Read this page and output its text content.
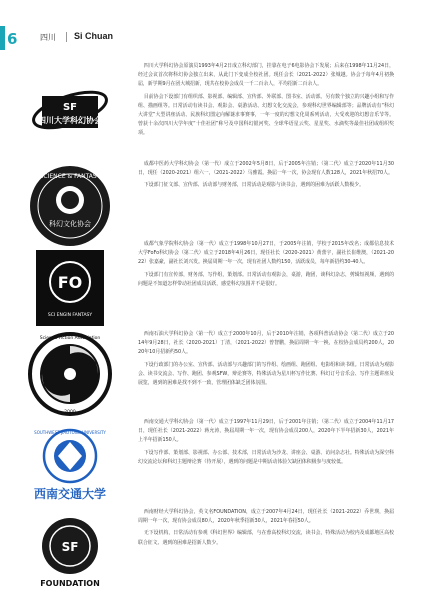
6	四川 Si Chuan
SF
四川大学科幻协会

四川大学科幻协会原演员1993年4月2日成立科幻部门，挂靠在电子6电影协会下发展；后来在1998年11月24日，经过会议首次将科幻协会独立出来，从此门下变成全校社团。现任会长（2021-2022）张城越。协会于每年4月初换届，新学期9月在团大城招新，现共在校协会成员一千二百余人，平均招新二百余人。

目前协会下设部门有组织部、影视部、编辑部、宣传部、外联部、图书室、活动部。另有数个独立的兴趣小组和写作组、描画组等。日常活动有读书会、观影会、桌游活动、幻想文化交流会，参观科幻世界编辑部等；品牌活动有“科幻大讲堂”大型讲座活动、民族科幻图定向解谜求事赛事，一年一度的幻想文化周系列活动，大受欢迎的幻想音乐节等。曾获十余次四川大学年度“十佳社团”称号及中国科幻银河奖、全球华语星云奖、星星奖、水滴奖等最佳社团或组织奖项。

SCIENCE & FANTASY
科幻文化协会

成都中医药大学科幻协会（第一代）成立于2002年5月8日，后于2005年注销；（第二代）成立于2020年11月30日，现任（2020-2021）组六一，（2021-2022）马雅霞。换届一年一次，协会现有人数128人，2021年秋招70人。

下设部门征文部、宣传部、活动部与财务部，日常活动是观影与读书会，遇到的困难为活跃人数极少。

FO
SCI ENGIN FANTASY

成都气象学院科幻协会（第一代）成立于1998年10月27日，于2005年注销，学校于2015年改名；成都信息技术大学FoFo科幻协会（第二代）成立于2018年4月26日，现任社长（2020-2021）黄蕾宇，副社长崔维澳，（2021-2022）张嘉豪，副社长刘兴发。换届周期一年一次，现有社团人数约150，活跃成员，每年新招约30-40人。

下设部门有宣传部，财务部，写作组，策划部。日常活动有观影会，桌游，跑团，谈科幻杂志，剪辑短视频，遇到的问题是不知道怎样带动社团成员活跃，感觉科幻氛围并不是很好。

Science Fiction Association
2000

西南石油大学科幻协会（第一代）成立于2000年10月，后于2010年注销，各项科普活动协会（第二代）成立于2014年9月28日，社长（2020-2021）丁清，（2021-2022）曾智鹏，换届周期一年一换，在校协会成员约200人，2020年10月招新约50人。

下设行政部门的办公室、宣传部、活动部与兴趣部门的写作组、绘画组、跑团组、电影组和读书组。日常活动为观影会、读书交流会、写作、跑团、参观SFW，辩论赛等，特殊活动为星川杯写作比赛、科幻订号音乐会、写作主题讲座及展览，遇到的困难是找不到不一致，管理团体缺乏团体氛围。

SOUTHWEST JIAOTONG UNIVERSITY
西南交通大学

西南交通大学科幻协会（第一代）成立于1997年11月29日，后于2001年注销；（第二代）成立于2004年11月17日，现任社长（2021-2022）蒋允涛，换届周期一年一次，现有协会成员200人，2020年下半年招新30人，2021年上半年招新150人。

下设写作部、策划部、影视部、办公部、技术部，日常活动为沙龙、讲座会、桌游、访问杂志社。特殊活动为深空科幻交流论坛和科幻主题辩论赛（待开展），遇到的问题是中期活动体验欠缺团体积极参与度较低。

SF
FOUNDATION

西南财经大学科幻协会，英文名FOUNDATION，成立于2007年4月24日，现任社长（2021-2022）乔世瑛，换届周期一年一次，现有协会成员80人，2020年秋季招新30人，2021年春招50人。

无下设机构，日常活动有参观《科幻世界》编辑部，与在蓉高校科幻交流，读书会，特殊活动为校内及成都地区高校联合征文、遇到的困难是招新人数少。
